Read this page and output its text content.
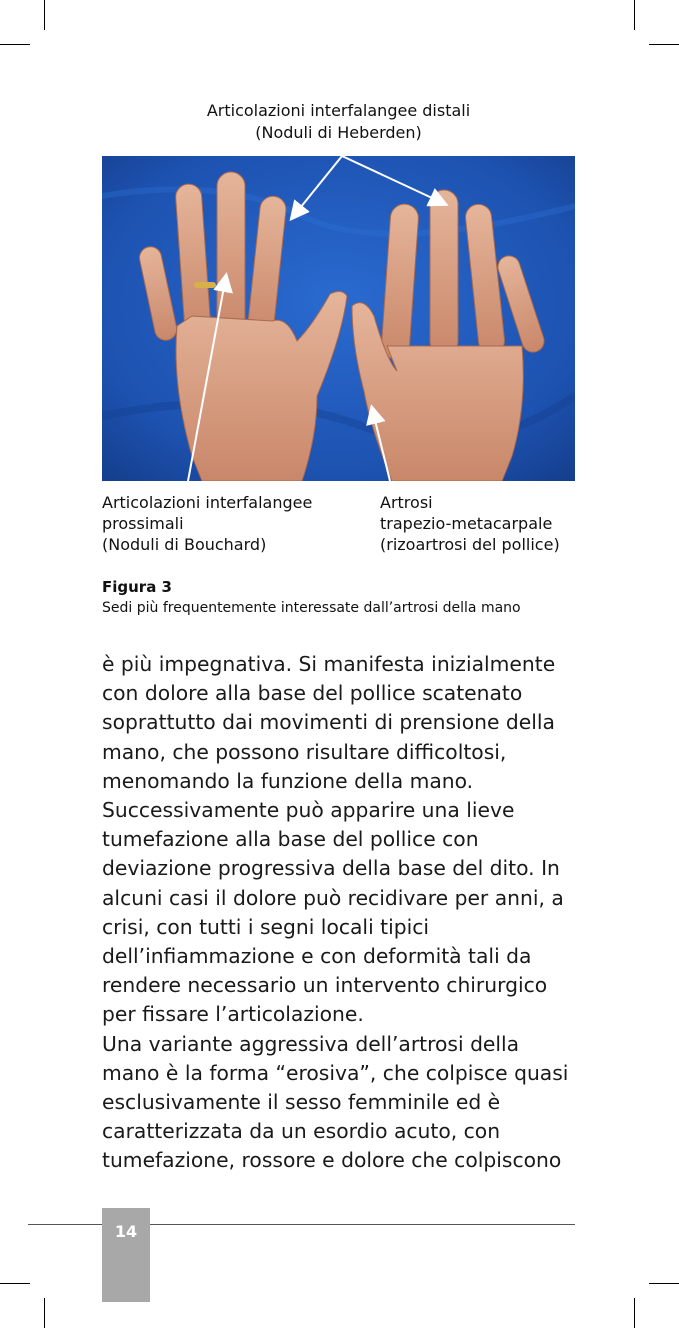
Articolazioni interfalangee distali
(Noduli di Heberden)
Articolazioni interfalangee
prossimali
(Noduli di Bouchard)
Artrosi
trapezio-metacarpale
(rizoartrosi del pollice)
Figura 3
Sedi più frequentemente interessate dall’artrosi della mano
è più impegnativa. Si manifesta inizialmente
con dolore alla base del pollice scatenato
soprattutto dai movimenti di prensione della
mano, che possono risultare difficoltosi,
menomando la funzione della mano.
Successivamente può apparire una lieve
tumefazione alla base del pollice con
deviazione progressiva della base del dito. In
alcuni casi il dolore può recidivare per anni, a
crisi, con tutti i segni locali tipici
dell’infiammazione e con deformità tali da
rendere necessario un intervento chirurgico
per fissare l’articolazione.
Una variante aggressiva dell’artrosi della
mano è la forma “erosiva”, che colpisce quasi
esclusivamente il sesso femminile ed è
caratterizzata da un esordio acuto, con
tumefazione, rossore e dolore che colpiscono
14
